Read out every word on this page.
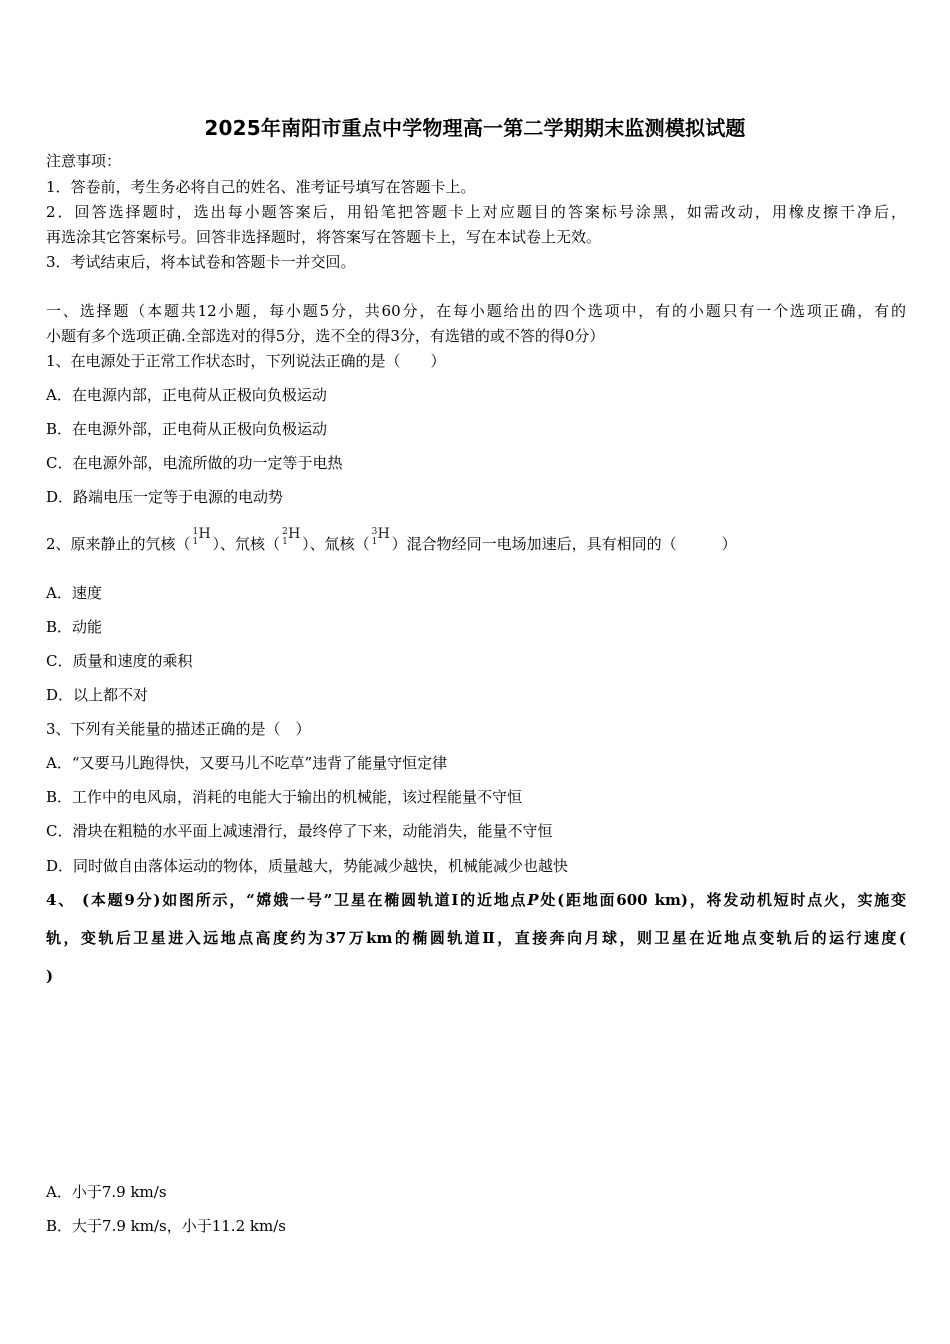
2025年南阳市重点中学物理高一第二学期期末监测模拟试题
注意事项：
1．答卷前，考生务必将自己的姓名、准考证号填写在答题卡上。
2．回答选择题时，选出每小题答案后，用铅笔把答题卡上对应题目的答案标号涂黑，如需改动，用橡皮擦干净后，
再选涂其它答案标号。回答非选择题时，将答案写在答题卡上，写在本试卷上无效。
3．考试结束后，将本试卷和答题卡一并交回。
一、选择题（本题共12小题，每小题5分，共60分，在每小题给出的四个选项中，有的小题只有一个选项正确，有的
小题有多个选项正确.全部选对的得5分，选不全的得3分，有选错的或不答的得0分）
1、在电源处于正常工作状态时，下列说法正确的是（　　）
A．在电源内部，正电荷从正极向负极运动
B．在电源外部，正电荷从正极向负极运动
C．在电源外部，电流所做的功一定等于电热
D．路端电压一定等于电源的电动势
2、原来静止的氕核（
1
1 H
）、氘核（
2
1 H
）、氚核（
3
1 H
）混合物经同一电场加速后，具有相同的（　　　）
A．速度
B．动能
C．质量和速度的乘积
D．以上都不对
3、下列有关能量的描述正确的是（　）
A．“又要马儿跑得快，又要马儿不吃草”违背了能量守恒定律
B．工作中的电风扇，消耗的电能大于输出的机械能，该过程能量不守恒
C．滑块在粗糙的水平面上减速滑行，最终停了下来，动能消失，能量不守恒
D．同时做自由落体运动的物体，质量越大，势能减少越快，机械能减少也越快
4、 (本题9分)如图所示，“嫦娥一号”卫星在椭圆轨道Ⅰ的近地点P处(距地面600 km)，将发动机短时点火，实施变
轨，变轨后卫星进入远地点高度约为37万km的椭圆轨道Ⅱ，直接奔向月球，则卫星在近地点变轨后的运行速度(
)
A．小于7.9 km/s
B．大于7.9 km/s，小于11.2 km/s
